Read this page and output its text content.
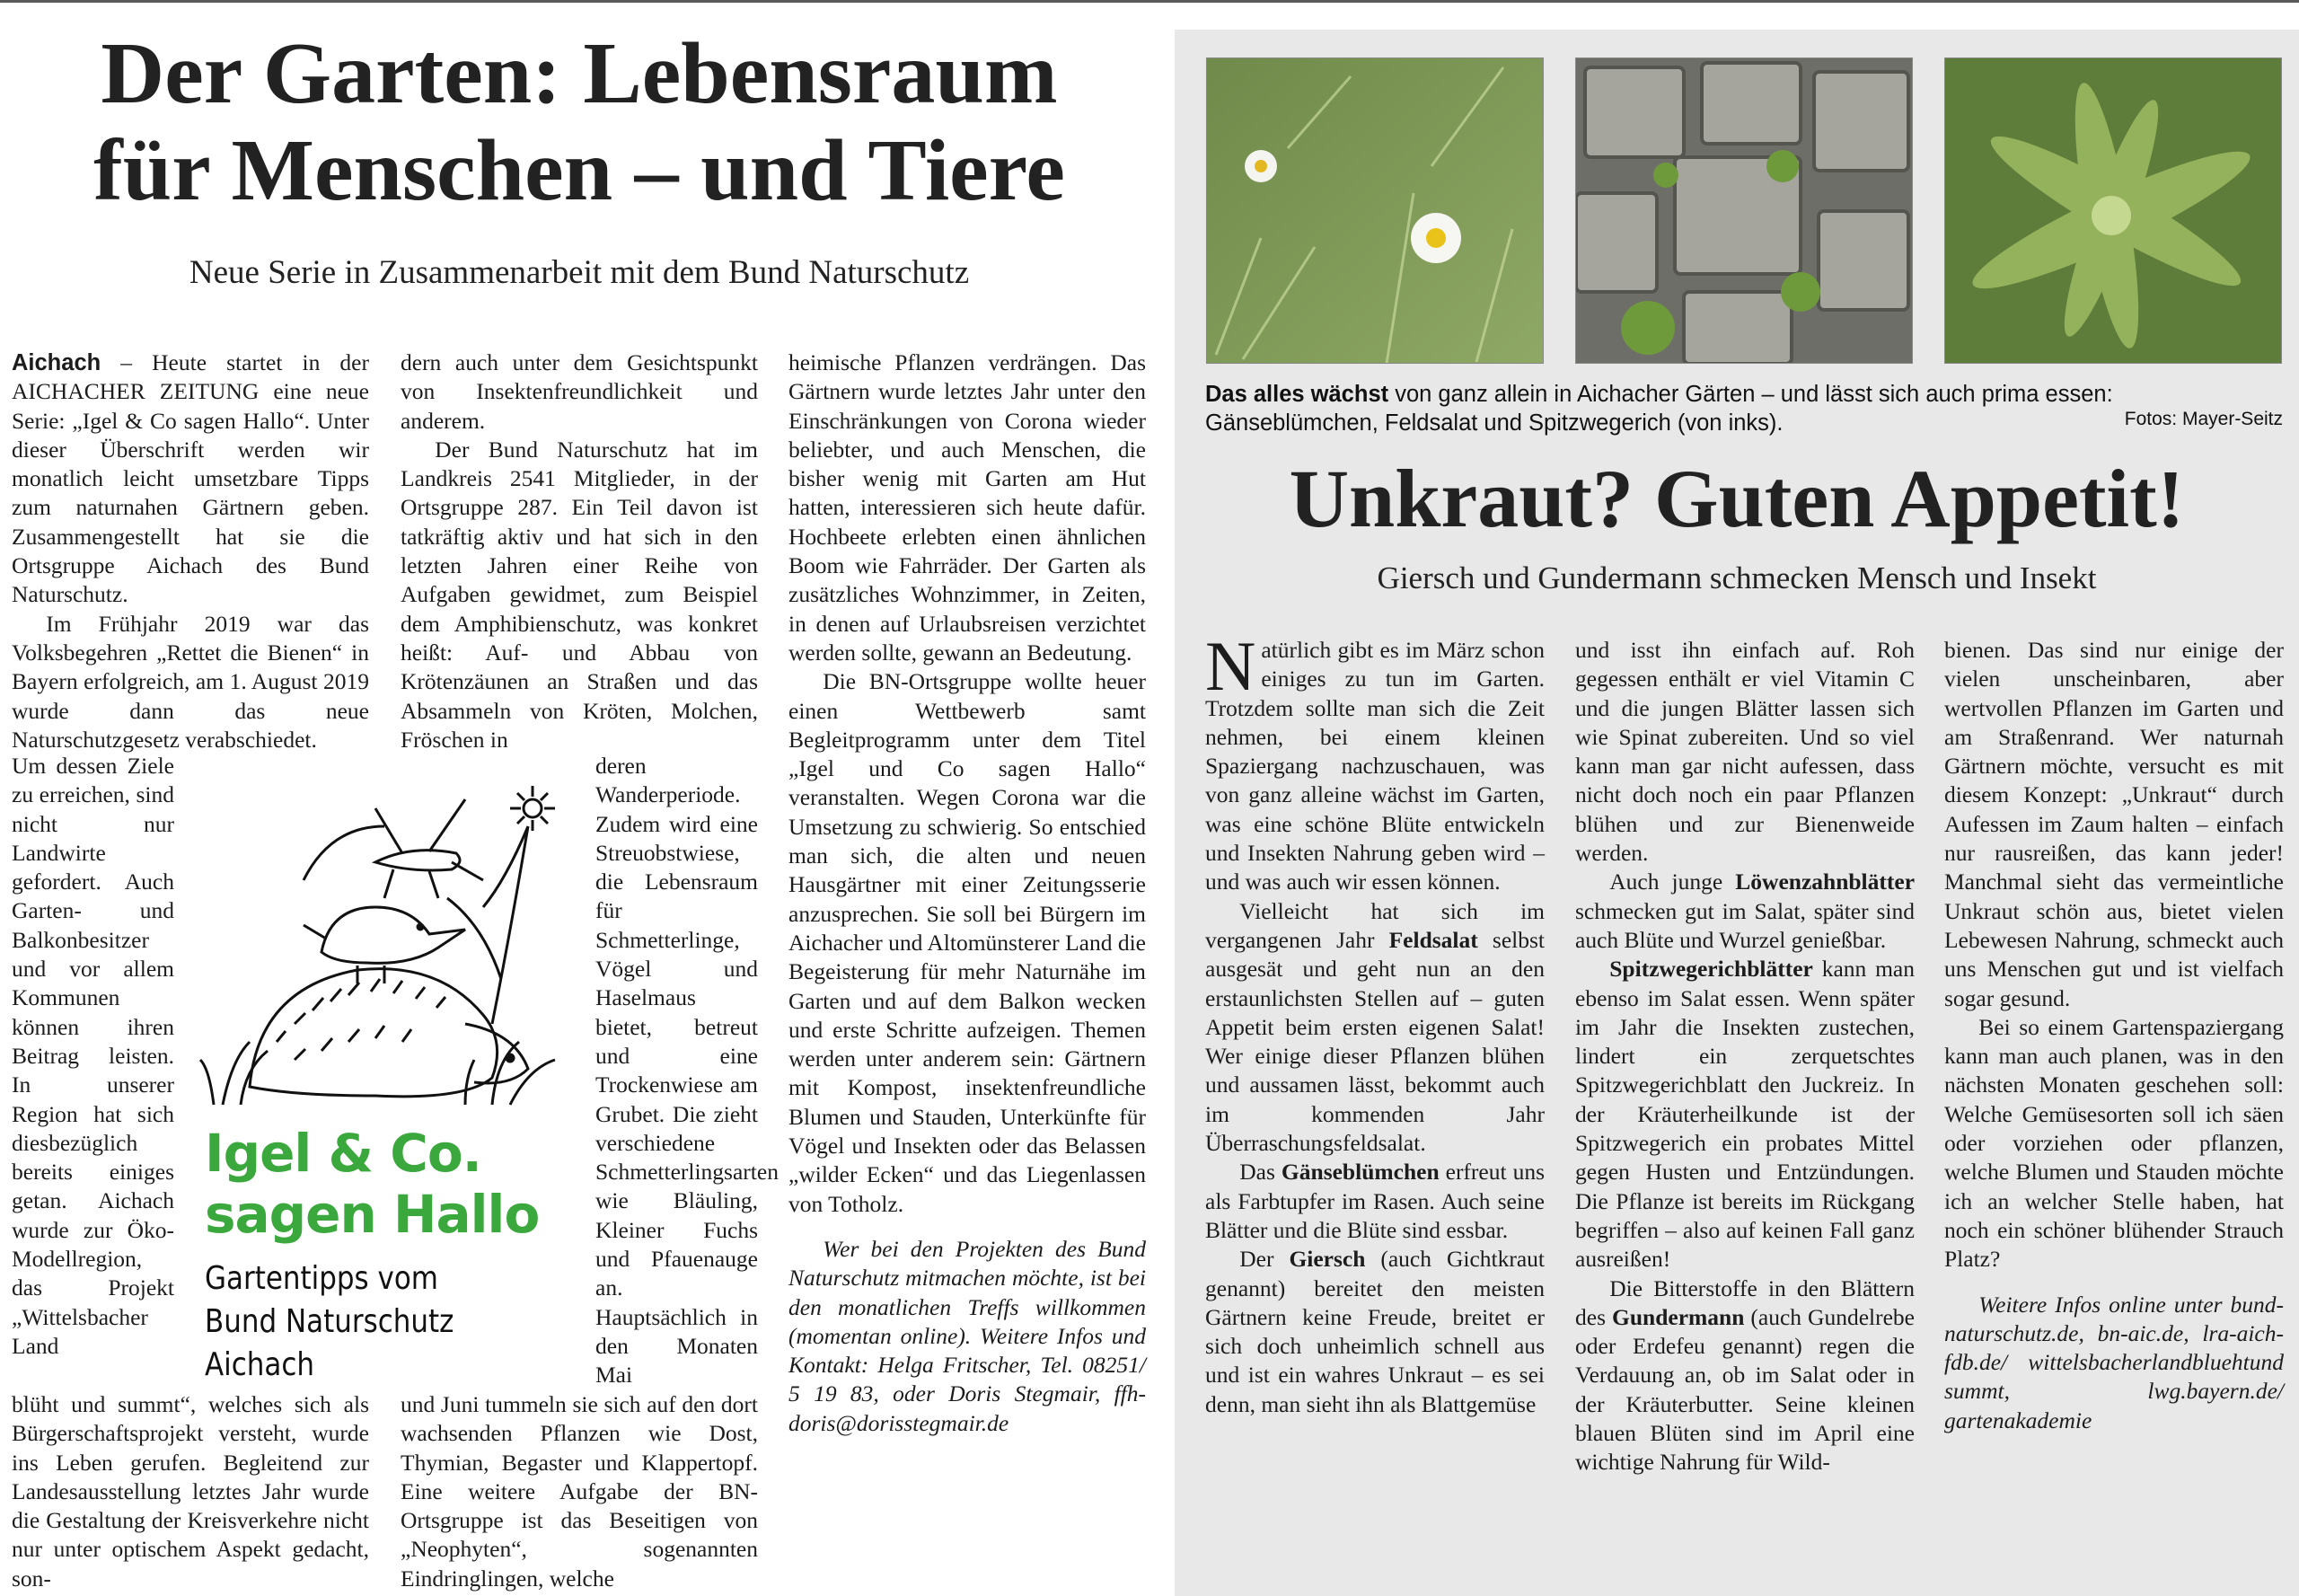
Der Garten: Lebensraum
für Menschen – und Tiere
Neue Serie in Zusammenarbeit mit dem Bund Naturschutz

Aichach – Heute startet in der AICHACHER ZEITUNG eine neue Serie: „Igel & Co sagen Hallo“. Unter dieser Überschrift werden wir monatlich leicht umsetzbare Tipps zum naturnahen Gärtnern geben. Zusammengestellt hat sie die Ortsgruppe Aichach des Bund Naturschutz.

Im Frühjahr 2019 war das Volksbegehren „Rettet die Bienen“ in Bayern erfolgreich, am 1. August 2019 wurde dann das neue Naturschutzgesetz verabschiedet.

Um dessen Ziele zu erreichen, sind nicht nur Landwirte gefordert. Auch Garten- und Balkonbesitzer und vor allem Kommunen können ihren Beitrag leisten. In unserer Region hat sich diesbezüglich bereits einiges getan. Aichach wurde zur Öko-Modellregion, das Projekt „Wittelsbacher Land

blüht und summt“, welches sich als Bürgerschaftsprojekt versteht, wurde ins Leben gerufen. Begleitend zur Landesausstellung letztes Jahr wurde die Gestaltung der Kreisverkehre nicht nur unter optischem Aspekt gedacht, son-

dern auch unter dem Gesichtspunkt von Insektenfreundlichkeit und anderem.

Der Bund Naturschutz hat im Landkreis 2541 Mitglieder, in der Ortsgruppe 287. Ein Teil davon ist tatkräftig aktiv und hat sich in den letzten Jahren einer Reihe von Aufgaben gewidmet, zum Beispiel dem Amphibienschutz, was konkret heißt: Auf- und Abbau von Krötenzäunen an Straßen und das Absammeln von Kröten, Molchen, Fröschen in

deren Wanderperiode. Zudem wird eine Streuobstwiese, die Lebensraum für Schmetterlinge, Vögel und Haselmaus bietet, betreut und eine Trockenwiese am Grubet. Die zieht verschiedene Schmetterlingsarten wie Bläuling, Kleiner Fuchs und Pfauenauge an. Hauptsächlich in den Monaten Mai

und Juni tummeln sie sich auf den dort wachsenden Pflanzen wie Dost, Thymian, Begaster und Klappertopf. Eine weitere Aufgabe der BN-Ortsgruppe ist das Beseitigen von „Neophyten“, sogenannten Eindringlingen, welche

heimische Pflanzen verdrängen. Das Gärtnern wurde letztes Jahr unter den Einschränkungen von Corona wieder beliebter, und auch Menschen, die bisher wenig mit Garten am Hut hatten, interessieren sich heute dafür. Hochbeete erlebten einen ähnlichen Boom wie Fahrräder. Der Garten als zusätzliches Wohnzimmer, in Zeiten, in denen auf Urlaubsreisen verzichtet werden sollte, gewann an Bedeutung.

Die BN-Ortsgruppe wollte heuer einen Wettbewerb samt Begleitprogramm unter dem Titel „Igel und Co sagen Hallo“ veranstalten. Wegen Corona war die Umsetzung zu schwierig. So entschied man sich, die alten und neuen Hausgärtner mit einer Zeitungsserie anzusprechen. Sie soll bei Bürgern im Aichacher und Altomünsterer Land die Begeisterung für mehr Naturnähe im Garten und auf dem Balkon wecken und erste Schritte aufzeigen. Themen werden unter anderem sein: Gärtnern mit Kompost, insektenfreundliche Blumen und Stauden, Unterkünfte für Vögel und Insekten oder das Belassen „wilder Ecken“ und das Liegenlassen von Totholz.

Wer bei den Projekten des Bund Naturschutz mitmachen möchte, ist bei den monatlichen Treffs willkommen (momentan online). Weitere Infos und Kontakt: Helga Fritscher, Tel. 08251/ 5 19 83, oder Doris Stegmair, ffh-doris@dorisstegmair.de

Igel & Co.
sagen Hallo
Gartentipps vom
Bund Naturschutz Aichach
Das alles wächst von ganz allein in Aichacher Gärten – und lässt sich auch prima essen: Gänseblümchen, Feldsalat und Spitzwegerich (von inks).	Fotos: Mayer-Seitz
Unkraut? Guten Appetit!
Giersch und Gundermann schmecken Mensch und Insekt

Natürlich gibt es im März schon einiges zu tun im Garten. Trotzdem sollte man sich die Zeit nehmen, bei einem kleinen Spaziergang nachzuschauen, was von ganz alleine wächst im Garten, was eine schöne Blüte entwickeln und Insekten Nahrung geben wird – und was auch wir essen können.

Vielleicht hat sich im vergangenen Jahr Feldsalat selbst ausgesät und geht nun an den erstaunlichsten Stellen auf – guten Appetit beim ersten eigenen Salat! Wer einige dieser Pflanzen blühen und aussamen lässt, bekommt auch im kommenden Jahr Überraschungsfeldsalat.

Das Gänseblümchen erfreut uns als Farbtupfer im Rasen. Auch seine Blätter und die Blüte sind essbar.

Der Giersch (auch Gichtkraut genannt) bereitet den meisten Gärtnern keine Freude, breitet er sich doch unheimlich schnell aus und ist ein wahres Unkraut – es sei denn, man sieht ihn als Blattgemüse

und isst ihn einfach auf. Roh gegessen enthält er viel Vitamin C und die jungen Blätter lassen sich wie Spinat zubereiten. Und so viel kann man gar nicht aufessen, dass nicht doch noch ein paar Pflanzen blühen und zur Bienenweide werden.

Auch junge Löwenzahnblätter schmecken gut im Salat, später sind auch Blüte und Wurzel genießbar.

Spitzwegerichblätter kann man ebenso im Salat essen. Wenn später im Jahr die Insekten zustechen, lindert ein zerquetschtes Spitzwegerichblatt den Juckreiz. In der Kräuterheilkunde ist der Spitzwegerich ein probates Mittel gegen Husten und Entzündungen. Die Pflanze ist bereits im Rückgang begriffen – also auf keinen Fall ganz ausreißen!

Die Bitterstoffe in den Blättern des Gundermann (auch Gundelrebe oder Erdefeu genannt) regen die Verdauung an, ob im Salat oder in der Kräuterbutter. Seine kleinen blauen Blüten sind im April eine wichtige Nahrung für Wild-

bienen. Das sind nur einige der vielen unscheinbaren, aber wertvollen Pflanzen im Garten und am Straßenrand. Wer naturnah Gärtnern möchte, versucht es mit diesem Konzept: „Unkraut“ durch Aufessen im Zaum halten – einfach nur rausreißen, das kann jeder! Manchmal sieht das vermeintliche Unkraut schön aus, bietet vielen Lebewesen Nahrung, schmeckt auch uns Menschen gut und ist vielfach sogar gesund.

Bei so einem Gartenspaziergang kann man auch planen, was in den nächsten Monaten geschehen soll: Welche Gemüsesorten soll ich säen oder vorziehen oder pflanzen, welche Blumen und Stauden möchte ich an welcher Stelle haben, hat noch ein schöner blühender Strauch Platz?

Weitere Infos online unter bund-naturschutz.de, bn-aic.de, lra-aich-fdb.de/ wittelsbacherlandbluehtund summt, lwg.bayern.de/ gartenakademie
